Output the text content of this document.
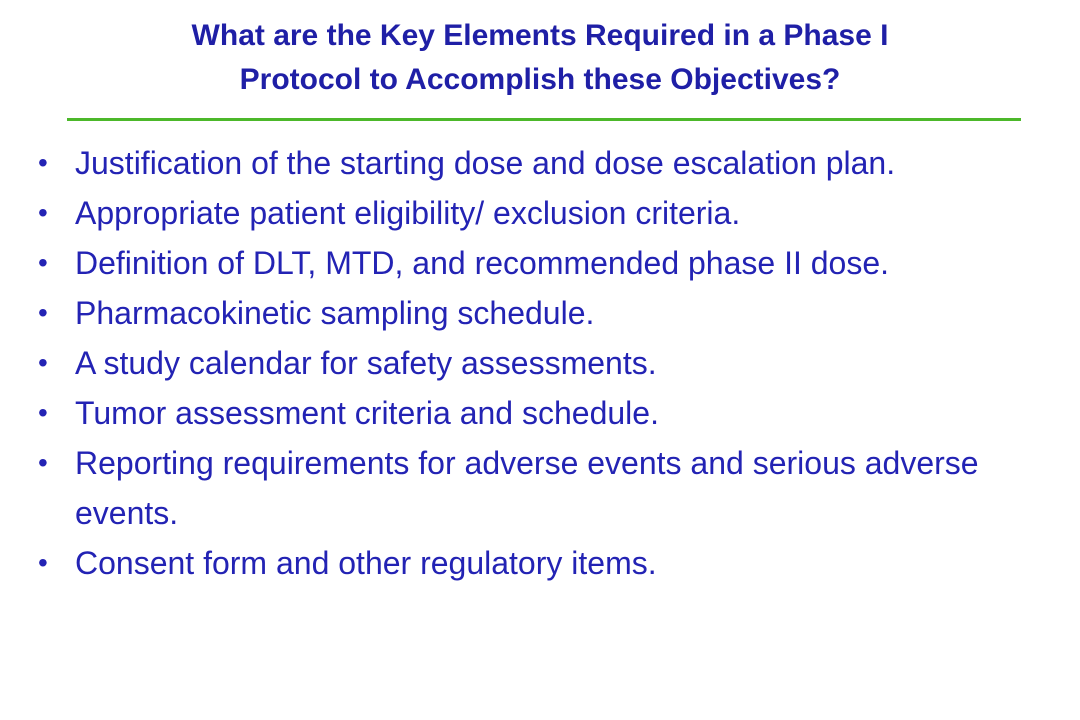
What are the Key Elements Required in a Phase I
Protocol to Accomplish these Objectives?
• Justification of the starting dose and dose escalation plan.
• Appropriate patient eligibility/ exclusion criteria.
• Definition of DLT, MTD, and recommended phase II dose.
• Pharmacokinetic sampling schedule.
• A study calendar for safety assessments.
• Tumor assessment criteria and schedule.
• Reporting requirements for adverse events and serious adverse events.
• Consent form and other regulatory items.
